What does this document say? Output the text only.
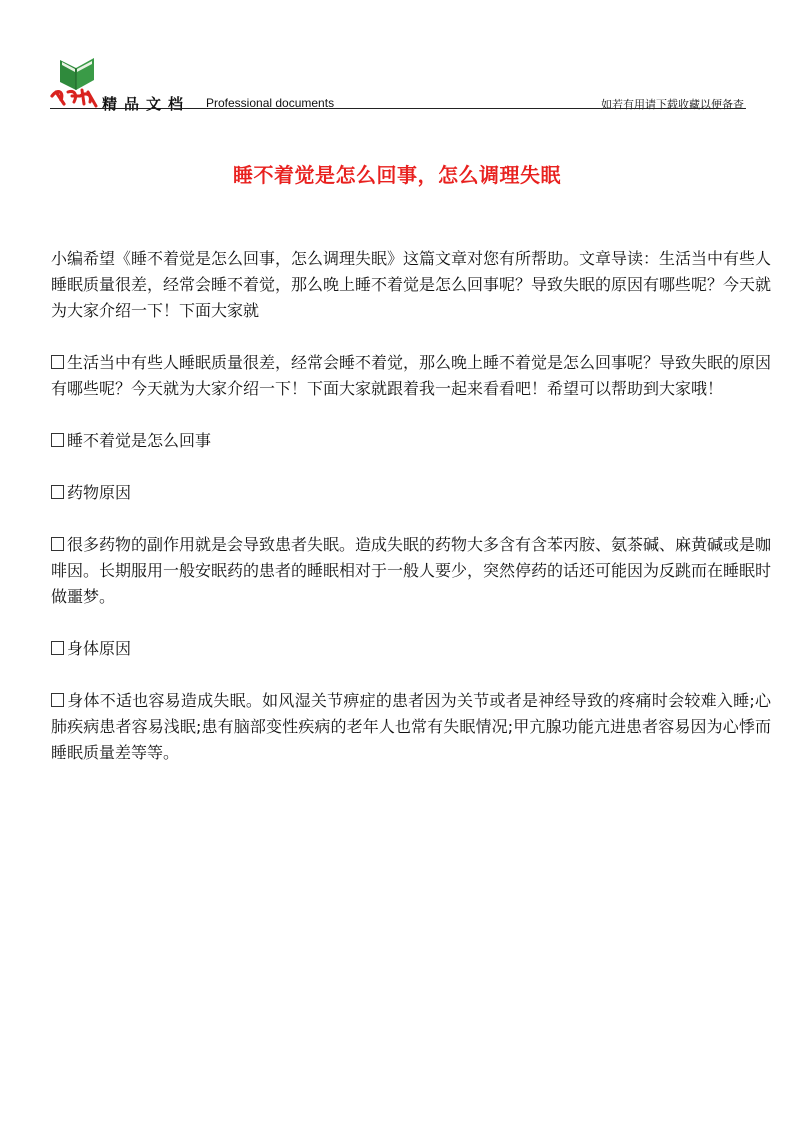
精品文档 Professional documents	如若有用请下载收藏以便备查
睡不着觉是怎么回事，怎么调理失眠

小编希望《睡不着觉是怎么回事，怎么调理失眠》这篇文章对您有所帮助。文章导读：生活当中有些人睡眠质量很差，经常会睡不着觉，那么晚上睡不着觉是怎么回事呢？导致失眠的原因有哪些呢？今天就为大家介绍一下！下面大家就

生活当中有些人睡眠质量很差，经常会睡不着觉，那么晚上睡不着觉是怎么回事呢？导致失眠的原因有哪些呢？今天就为大家介绍一下！下面大家就跟着我一起来看看吧！希望可以帮助到大家哦！

睡不着觉是怎么回事

药物原因

很多药物的副作用就是会导致患者失眠。造成失眠的药物大多含有含苯丙胺、氨茶碱、麻黄碱或是咖啡因。长期服用一般安眠药的患者的睡眠相对于一般人要少，突然停药的话还可能因为反跳而在睡眠时做噩梦。

身体原因

身体不适也容易造成失眠。如风湿关节痹症的患者因为关节或者是神经导致的疼痛时会较难入睡;心肺疾病患者容易浅眠;患有脑部变性疾病的老年人也常有失眠情况;甲亢腺功能亢进患者容易因为心悸而睡眠质量差等等。
